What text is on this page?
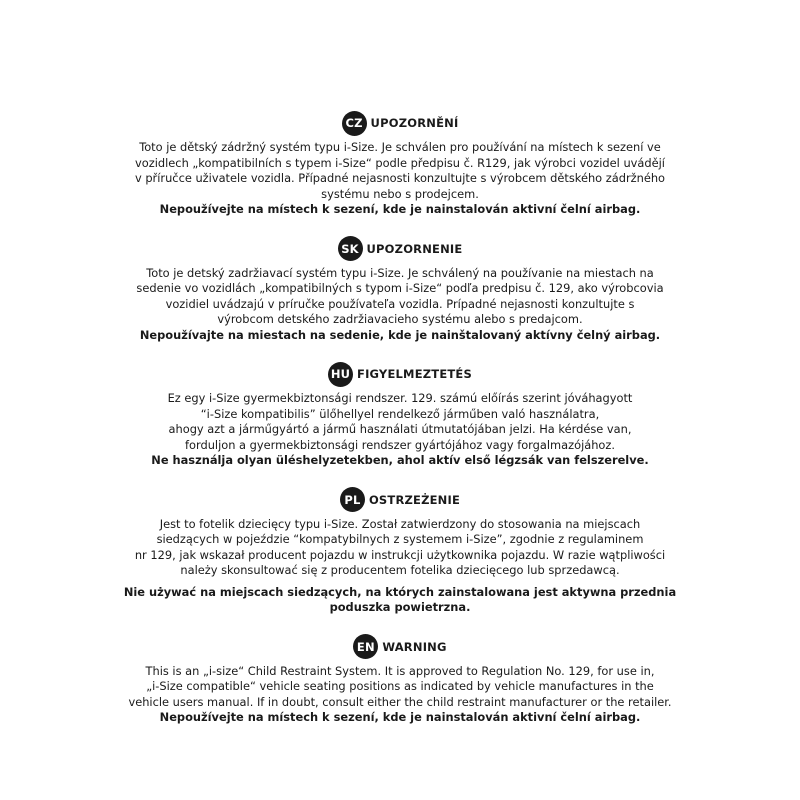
CZ UPOZORNĚNÍ
Toto je dětský zádržný systém typu i-Size. Je schválen pro používání na místech k sezení ve
vozidlech „kompatibilních s typem i-Size“ podle předpisu č. R129, jak výrobci vozidel uvádějí
v příručce uživatele vozidla. Případné nejasnosti konzultujte s výrobcem dětského zádržného
systému nebo s prodejcem.
Nepoužívejte na místech k sezení, kde je nainstalován aktivní čelní airbag.
SK UPOZORNENIE
Toto je detský zadržiavací systém typu i-Size. Je schválený na používanie na miestach na
sedenie vo vozidlách „kompatibilných s typom i-Size“ podľa predpisu č. 129, ako výrobcovia
vozidiel uvádzajú v príručke používateľa vozidla. Prípadné nejasnosti konzultujte s
výrobcom detského zadržiavacieho systému alebo s predajcom.
Nepoužívajte na miestach na sedenie, kde je nainštalovaný aktívny čelný airbag.
HU FIGYELMEZTETÉS
Ez egy i-Size gyermekbiztonsági rendszer. 129. számú előírás szerint jóváhagyott
“i-Size kompatibilis” ülőhellyel rendelkező járműben való használatra,
ahogy azt a járműgyártó a jármű használati útmutatójában jelzi. Ha kérdése van,
forduljon a gyermekbiztonsági rendszer gyártójához vagy forgalmazójához.
Ne használja olyan üléshelyzetekben, ahol aktív első légzsák van felszerelve.
PL OSTRZEŻENIE
Jest to fotelik dziecięcy typu i-Size. Został zatwierdzony do stosowania na miejscach
siedzących w pojeździe “kompatybilnych z systemem i-Size”, zgodnie z regulaminem
nr 129, jak wskazał producent pojazdu w instrukcji użytkownika pojazdu. W razie wątpliwości
należy skonsultować się z producentem fotelika dziecięcego lub sprzedawcą.
Nie używać na miejscach siedzących, na których zainstalowana jest aktywna przednia
poduszka powietrzna.
EN WARNING
This is an „i-size“ Child Restraint System. It is approved to Regulation No. 129, for use in,
„i-Size compatible“ vehicle seating positions as indicated by vehicle manufactures in the
vehicle users manual. If in doubt, consult either the child restraint manufacturer or the retailer.
Nepoužívejte na místech k sezení, kde je nainstalován aktivní čelní airbag.
